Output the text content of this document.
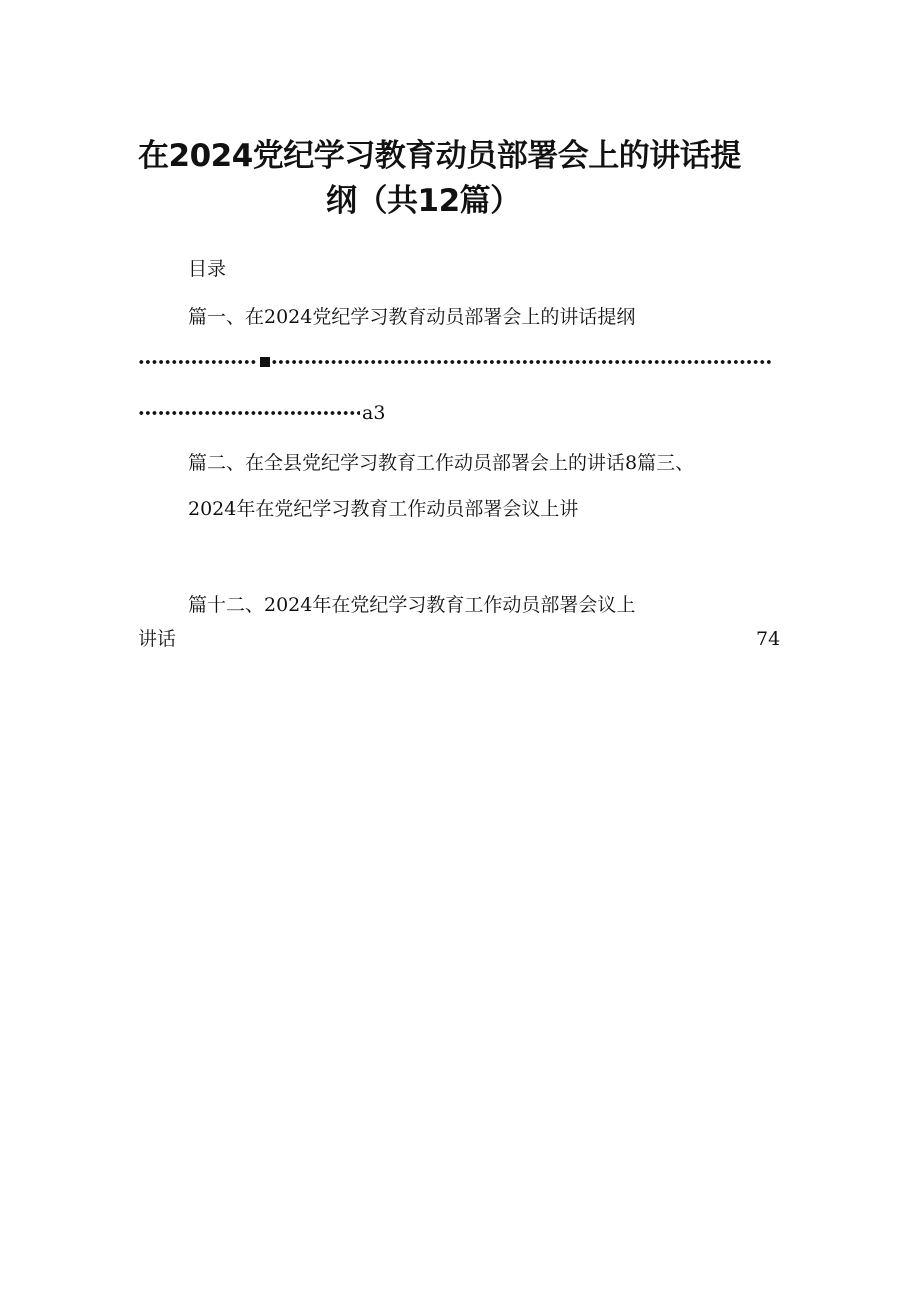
在2024党纪学习教育动员部署会上的讲话提
纲（共12篇）
目录
篇一、在2024党纪学习教育动员部署会上的讲话提纲
a3
篇二、在全县党纪学习教育工作动员部署会上的讲话8篇三、
2024年在党纪学习教育工作动员部署会议上讲
篇十二、2024年在党纪学习教育工作动员部署会议上
讲话	74
